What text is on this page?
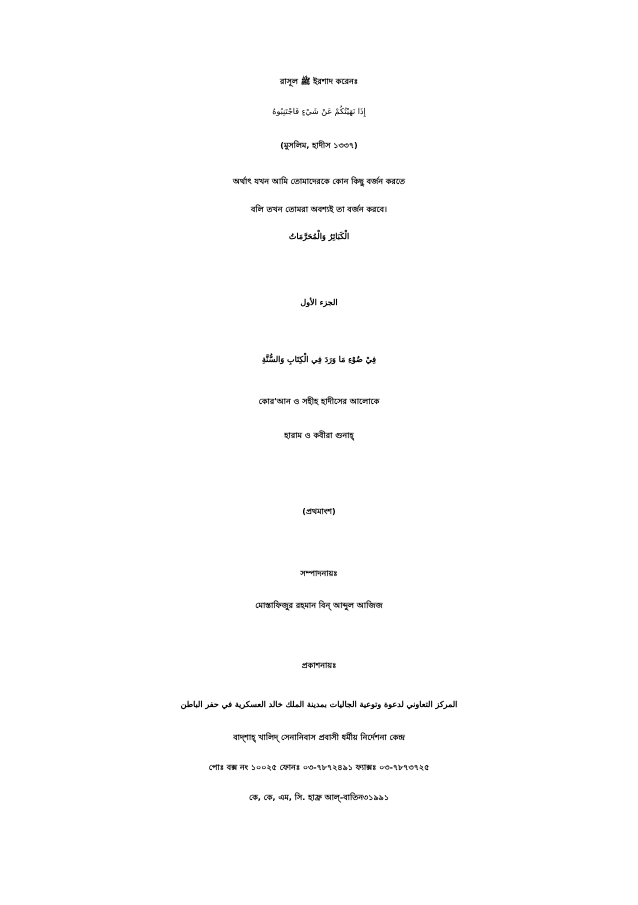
রাসূল ﷺ ইরশাদ করেনঃ
إِذَا نَهَيْتُكُمْ عَنْ شَيْءٍ فَاجْتَنِبُوهُ
(মুসলিম, হাদীস ১৩৩৭)
অর্থাৎ যখন আমি তোমাদেরকে কোন কিছু বর্জন করতে
বলি তখন তোমরা অবশ্যই তা বর্জন করবে।
الْكَبَائِرُ وَالْمُحَرَّمَاتُ
الجزء الأول
فِيْ ضُوْءِ مَا وَرَدَ فِي الْكِتَابِ وَالسُّنَّةِ
কোর'আন ও সহীহ হাদীসের আলোকে
হারাম ও কবীরা গুনাহ্
(প্রথমাংশ)
সম্পাদনায়ঃ
মোস্তাফিজুর রহমান বিন্ আব্দুল আজিজ
প্রকাশনায়ঃ
المركز التعاوني لدعوة وتوعية الجاليات بمدينة الملك خالد العسكرية في حفر الباطن
বাদ্শাহ্ খালিদ্ সেনানিবাস প্রবাসী ধর্মীয় নির্দেশনা কেন্দ্র
পোঃ বক্স নং ১০০২৫ ফোনঃ ০৩-৭৮৭২৪৯১ ফ্যাক্সঃ ০৩-৭৮৭৩৭২৫
কে, কে, এম, সি. হাফ্র আল্-বাতিন৩১৯৯১
